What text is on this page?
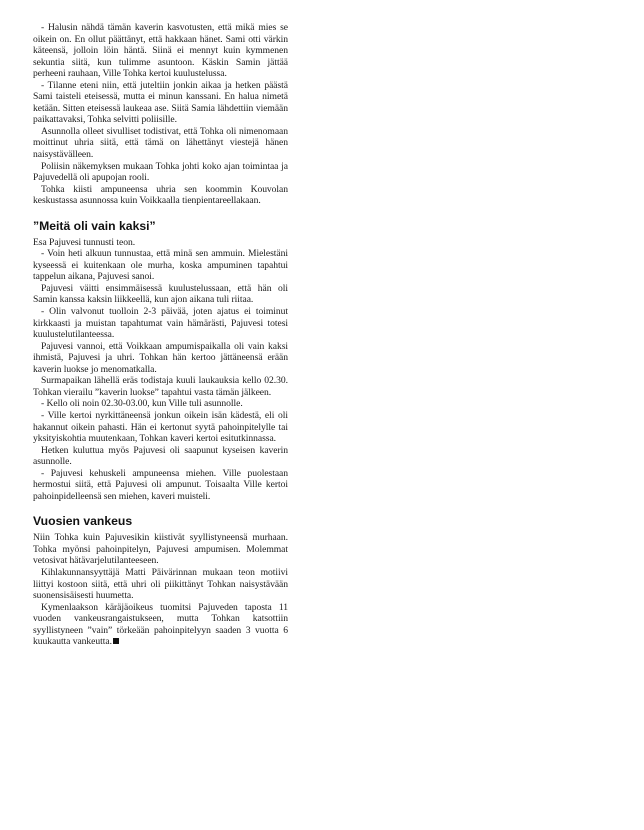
- Halusin nähdä tämän kaverin kasvotusten, että mikä mies se oikein on. En ollut päättänyt, että hakkaan hänet. Sami otti värkin käteensä, jolloin löin häntä. Siinä ei mennyt kuin kymmenen sekuntia siitä, kun tulimme asuntoon. Käskin Samin jättää perheeni rauhaan, Ville Tohka kertoi kuulustelussa.

- Tilanne eteni niin, että juteltiin jonkin aikaa ja hetken päästä Sami taisteli eteisessä, mutta ei minun kanssani. En halua nimetä ketään. Sitten eteisessä laukeaa ase. Siitä Samia lähdettiin viemään paikattavaksi, Tohka selvitti poliisille.

Asunnolla olleet sivulliset todistivat, että Tohka oli nimenomaan moittinut uhria siitä, että tämä on lähettänyt viestejä hänen naisystävälleen.

Poliisin näkemyksen mukaan Tohka johti koko ajan toimintaa ja Pajuvedellä oli apupojan rooli.

Tohka kiisti ampuneensa uhria sen koommin Kouvolan keskustassa asunnossa kuin Voikkaalla tienpientareellakaan.

”Meitä oli vain kaksi”

Esa Pajuvesi tunnusti teon.

- Voin heti alkuun tunnustaa, että minä sen ammuin. Mielestäni kyseessä ei kuitenkaan ole murha, koska ampuminen tapahtui tappelun aikana, Pajuvesi sanoi.

Pajuvesi väitti ensimmäisessä kuulustelussaan, että hän oli Samin kanssa kaksin liikkeellä, kun ajon aikana tuli riitaa.

- Olin valvonut tuolloin 2-3 päivää, joten ajatus ei toiminut kirkkaasti ja muistan tapahtumat vain hämärästi, Pajuvesi totesi kuulustelutilanteessa.

Pajuvesi vannoi, että Voikkaan ampumispaikalla oli vain kaksi ihmistä, Pajuvesi ja uhri. Tohkan hän kertoo jättäneensä erään kaverin luokse jo menomatkalla.

Surmapaikan lähellä eräs todistaja kuuli laukauksia kello 02.30. Tohkan vierailu ”kaverin luokse” tapahtui vasta tämän jälkeen.

- Kello oli noin 02.30-03.00, kun Ville tuli asunnolle.

- Ville kertoi nyrkittäneensä jonkun oikein isän kädestä, eli oli hakannut oikein pahasti. Hän ei kertonut syytä pahoinpitelylle tai yksityiskohtia muutenkaan, Tohkan kaveri kertoi esitutkinnassa.

Hetken kuluttua myös Pajuvesi oli saapunut kyseisen kaverin asunnolle.

- Pajuvesi kehuskeli ampuneensa miehen. Ville puolestaan hermostui siitä, että Pajuvesi oli ampunut. Toisaalta Ville kertoi pahoinpidelleensä sen miehen, kaveri muisteli.

Vuosien vankeus

Niin Tohka kuin Pajuvesikin kiistivät syyllistyneensä murhaan. Tohka myönsi pahoinpitelyn, Pajuvesi ampumisen. Molemmat vetosivat hätävarjelutilanteeseen.

Kihlakunnansyyttäjä Matti Päivärinnan mukaan teon motiivi liittyi kostoon siitä, että uhri oli piikittänyt Tohkan naisystävään suonensisäisesti huumetta.

Kymenlaakson käräjäoikeus tuomitsi Pajuveden taposta 11 vuoden vankeusrangaistukseen, mutta Tohkan katsottiin syyllistyneen ”vain” törkeään pahoinpitelyyn saaden 3 vuotta 6 kuukautta vankeutta.
